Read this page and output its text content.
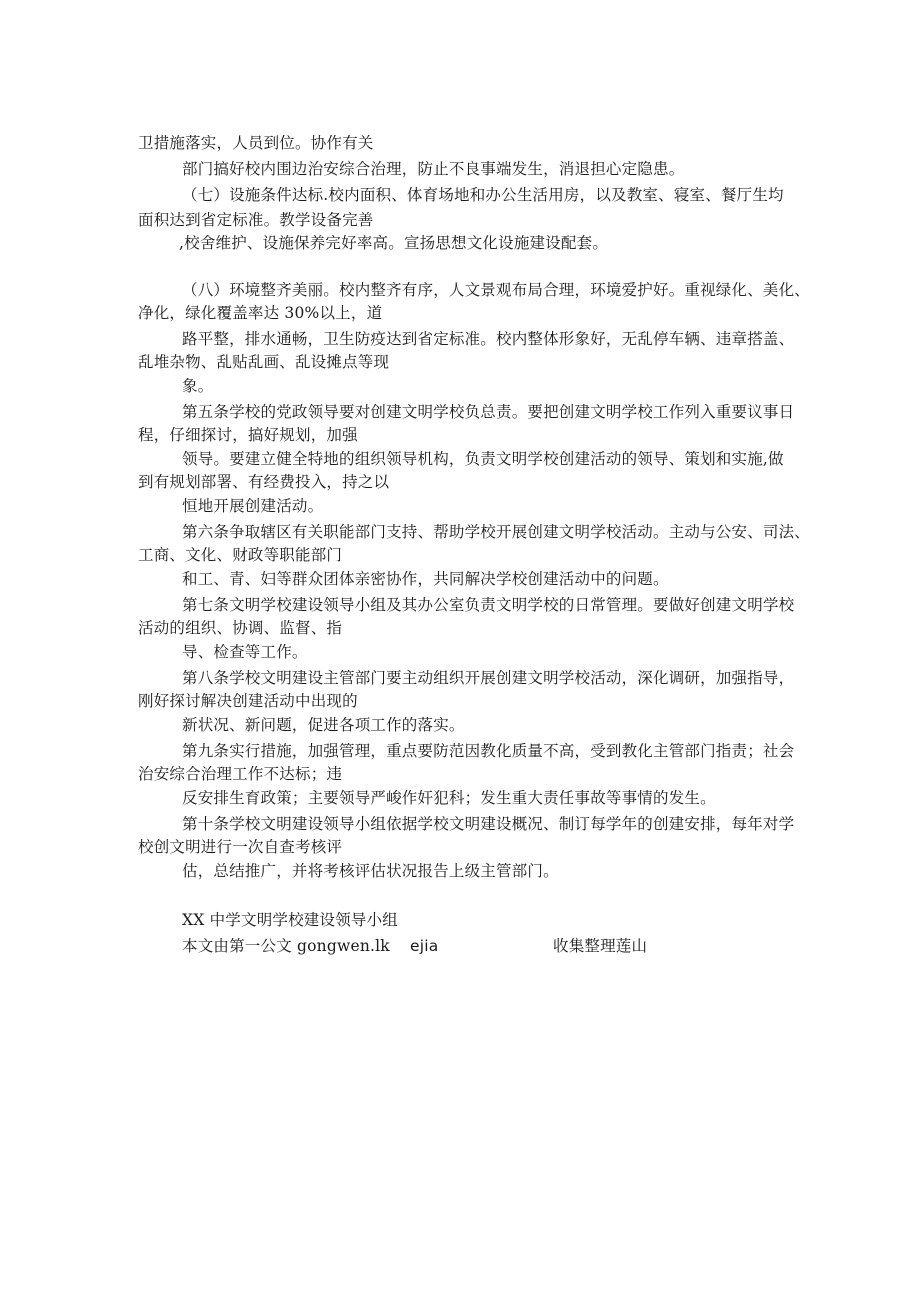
卫措施落实，人员到位。协作有关
部门搞好校内围边治安综合治理，防止不良事端发生，消退担心定隐患。
（七）设施条件达标.校内面积、体育场地和办公生活用房，以及教室、寝室、餐厅生均
面积达到省定标准。教学设备完善
,校舍维护、设施保养完好率高。宣扬思想文化设施建设配套。
（八）环境整齐美丽。校内整齐有序，人文景观布局合理，环境爱护好。重视绿化、美化、
净化，绿化覆盖率达 30%以上，道
路平整，排水通畅，卫生防疫达到省定标准。校内整体形象好，无乱停车辆、违章搭盖、
乱堆杂物、乱贴乱画、乱设摊点等现
象。
第五条学校的党政领导要对创建文明学校负总责。要把创建文明学校工作列入重要议事日
程，仔细探讨，搞好规划，加强
领导。要建立健全特地的组织领导机构，负责文明学校创建活动的领导、策划和实施,做
到有规划部署、有经费投入，持之以
恒地开展创建活动。
第六条争取辖区有关职能部门支持、帮助学校开展创建文明学校活动。主动与公安、司法、
工商、文化、财政等职能部门
和工、青、妇等群众团体亲密协作，共同解决学校创建活动中的问题。
第七条文明学校建设领导小组及其办公室负责文明学校的日常管理。要做好创建文明学校
活动的组织、协调、监督、指
导、检查等工作。
第八条学校文明建设主管部门要主动组织开展创建文明学校活动，深化调研，加强指导，
刚好探讨解决创建活动中出现的
新状况、新问题，促进各项工作的落实。
第九条实行措施，加强管理，重点要防范因教化质量不高，受到教化主管部门指责；社会
治安综合治理工作不达标；违
反安排生育政策；主要领导严峻作奸犯科；发生重大责任事故等事情的发生。
第十条学校文明建设领导小组依据学校文明建设概况、制订每学年的创建安排，每年对学
校创文明进行一次自查考核评
估，总结推广，并将考核评估状况报告上级主管部门。
XX 中学文明学校建设领导小组
本文由第一公文 gongwen.lk ejia	收集整理莲山
